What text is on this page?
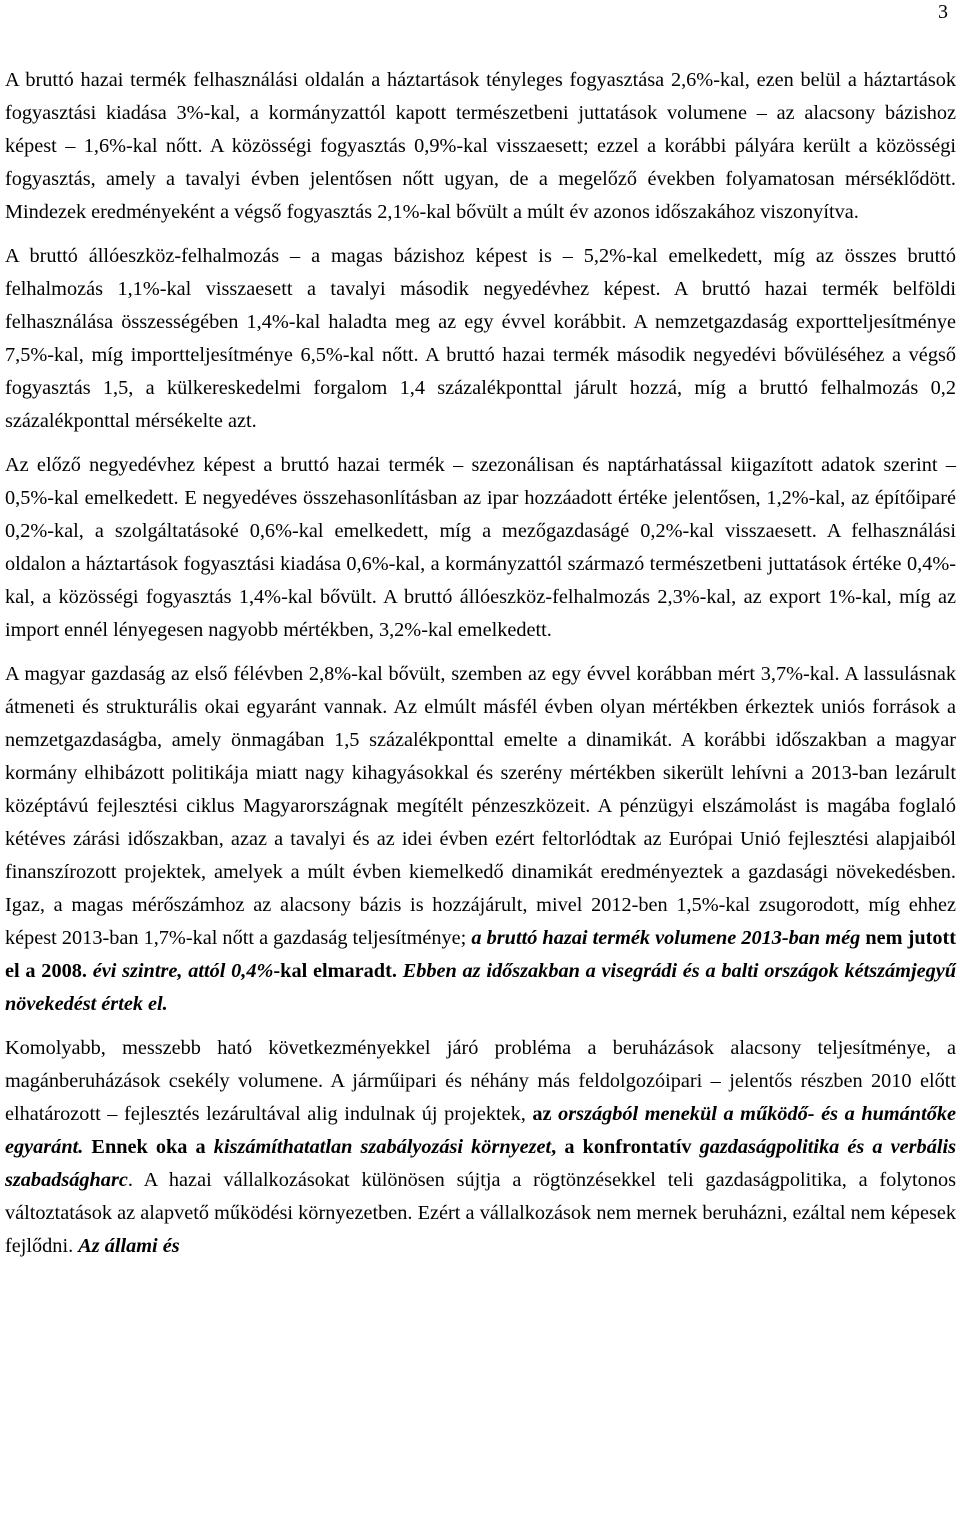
3

A bruttó hazai termék felhasználási oldalán a háztartások tényleges fogyasztása 2,6%-kal, ezen belül a háztartások fogyasztási kiadása 3%-kal, a kormányzattól kapott természetbeni juttatások volumene – az alacsony bázishoz képest – 1,6%-kal nőtt. A közösségi fogyasztás 0,9%-kal visszaesett; ezzel a korábbi pályára került a közösségi fogyasztás, amely a tavalyi évben jelentősen nőtt ugyan, de a megelőző években folyamatosan mérséklődött. Mindezek eredményeként a végső fogyasztás 2,1%-kal bővült a múlt év azonos időszakához viszonyítva.

A bruttó állóeszköz-felhalmozás – a magas bázishoz képest is – 5,2%-kal emelkedett, míg az összes bruttó felhalmozás 1,1%-kal visszaesett a tavalyi második negyedévhez képest. A bruttó hazai termék belföldi felhasználása összességében 1,4%-kal haladta meg az egy évvel korábbit. A nemzetgazdaság exportteljesítménye 7,5%-kal, míg importteljesítménye 6,5%-kal nőtt. A bruttó hazai termék második negyedévi bővüléséhez a végső fogyasztás 1,5, a külkereskedelmi forgalom 1,4 százalékponttal járult hozzá, míg a bruttó felhalmozás 0,2 százalékponttal mérsékelte azt.

Az előző negyedévhez képest a bruttó hazai termék – szezonálisan és naptárhatással kiigazított adatok szerint – 0,5%-kal emelkedett. E negyedéves összehasonlításban az ipar hozzáadott értéke jelentősen, 1,2%-kal, az építőiparé 0,2%-kal, a szolgáltatásoké 0,6%-kal emelkedett, míg a mezőgazdaságé 0,2%-kal visszaesett. A felhasználási oldalon a háztartások fogyasztási kiadása 0,6%-kal, a kormányzattól származó természetbeni juttatások értéke 0,4%-kal, a közösségi fogyasztás 1,4%-kal bővült. A bruttó állóeszköz-felhalmozás 2,3%-kal, az export 1%-kal, míg az import ennél lényegesen nagyobb mértékben, 3,2%-kal emelkedett.

A magyar gazdaság az első félévben 2,8%-kal bővült, szemben az egy évvel korábban mért 3,7%-kal. A lassulásnak átmeneti és strukturális okai egyaránt vannak. Az elmúlt másfél évben olyan mértékben érkeztek uniós források a nemzetgazdaságba, amely önmagában 1,5 százalékponttal emelte a dinamikát. A korábbi időszakban a magyar kormány elhibázott politikája miatt nagy kihagyásokkal és szerény mértékben sikerült lehívni a 2013-ban lezárult középtávú fejlesztési ciklus Magyarországnak megítélt pénzeszközeit. A pénzügyi elszámolást is magába foglaló kétéves zárási időszakban, azaz a tavalyi és az idei évben ezért feltorlódtak az Európai Unió fejlesztési alapjaiból finanszírozott projektek, amelyek a múlt évben kiemelkedő dinamikát eredményeztek a gazdasági növekedésben. Igaz, a magas mérőszámhoz az alacsony bázis is hozzájárult, mivel 2012-ben 1,5%-kal zsugorodott, míg ehhez képest 2013-ban 1,7%-kal nőtt a gazdaság teljesítménye; a bruttó hazai termék volumene 2013-ban még nem jutott el a 2008. évi szintre, attól 0,4%-kal elmaradt. Ebben az időszakban a visegrádi és a balti országok kétszámjegyű növekedést értek el.

Komolyabb, messzebb ható következményekkel járó probléma a beruházások alacsony teljesítménye, a magánberuházások csekély volumene. A járműipari és néhány más feldolgozóipari – jelentős részben 2010 előtt elhatározott – fejlesztés lezárultával alig indulnak új projektek, az országból menekül a működő- és a humántőke egyaránt. Ennek oka a kiszámíthatatlan szabályozási környezet, a konfrontatív gazdaságpolitika és a verbális szabadságharc. A hazai vállalkozásokat különösen sújtja a rögtönzésekkel teli gazdaságpolitika, a folytonos változtatások az alapvető működési környezetben. Ezért a vállalkozások nem mernek beruházni, ezáltal nem képesek fejlődni. Az állami és
